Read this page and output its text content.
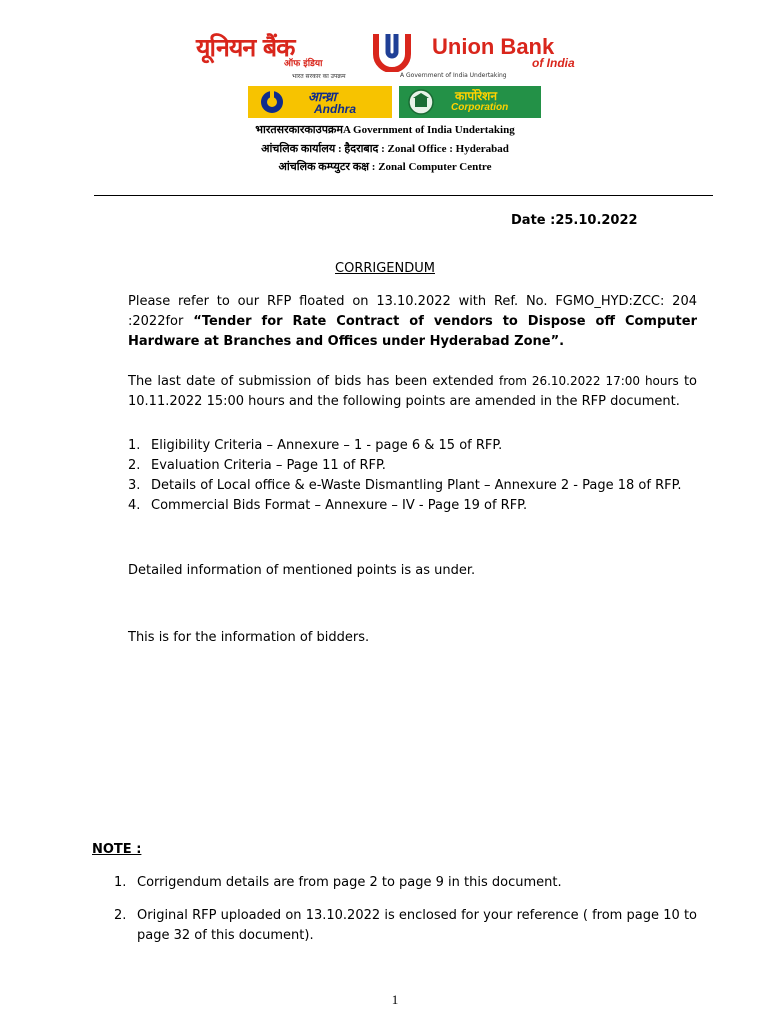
यूनियन बैंक
ऑफ इंडिया
भारत सरकार का उपक्रम
Union Bank
of India
A Government of India Undertaking
आन्ध्रा
Andhra
कार्पोरेशन
Corporation
भारतसरकारकाउपक्रमA Government of India Undertaking
आंचलिक कार्यालय : हैदराबाद : Zonal Office : Hyderabad
आंचलिक कम्प्युटर कक्ष : Zonal Computer Centre
Date :25.10.2022
CORRIGENDUM
Please refer to our RFP floated on 13.10.2022 with Ref. No. FGMO_HYD:ZCC: 204 :2022for “Tender for Rate Contract of vendors to Dispose off Computer Hardware at Branches and Offices under Hyderabad Zone”.
The last date of submission of bids has been extended from 26.10.2022 17:00 hours to 10.11.2022 15:00 hours and the following points are amended in the RFP document.
1. Eligibility Criteria – Annexure – 1 - page 6 & 15 of RFP.
2. Evaluation Criteria – Page 11 of RFP.
3. Details of Local office & e-Waste Dismantling Plant – Annexure 2 - Page 18 of RFP.
4. Commercial Bids Format – Annexure – IV - Page 19 of RFP.
Detailed information of mentioned points is as under.
This is for the information of bidders.
NOTE :
1. Corrigendum details are from page 2 to page 9 in this document.
2. Original RFP uploaded on 13.10.2022 is enclosed for your reference ( from page 10 to page 32 of this document).
1
